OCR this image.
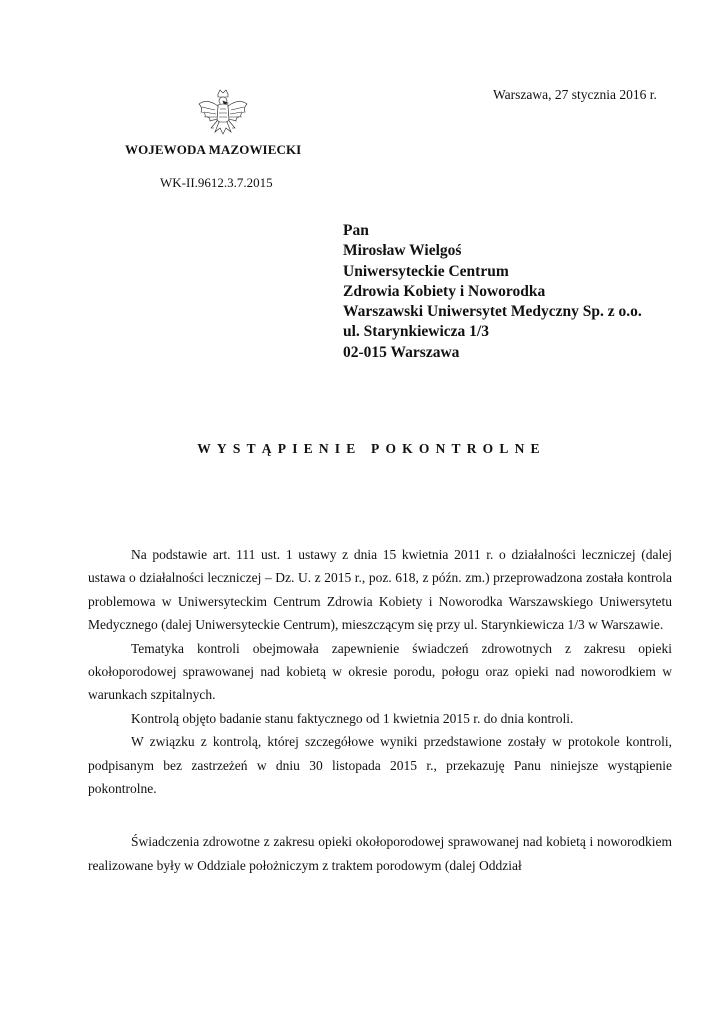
Warszawa, 27 stycznia 2016 r.
WOJEWODA MAZOWIECKI
WK-II.9612.3.7.2015
Pan
Mirosław Wielgoś
Uniwersyteckie Centrum
Zdrowia Kobiety i Noworodka
Warszawski Uniwersytet Medyczny Sp. z o.o.
ul. Starynkiewicza 1/3
02-015 Warszawa
WYSTĄPIENIE POKONTROLNE

Na podstawie art. 111 ust. 1 ustawy z dnia 15 kwietnia 2011 r. o działalności leczniczej (dalej ustawa o działalności leczniczej – Dz. U. z 2015 r., poz. 618, z późn. zm.) przeprowadzona została kontrola problemowa w Uniwersyteckim Centrum Zdrowia Kobiety i Noworodka Warszawskiego Uniwersytetu Medycznego (dalej Uniwersyteckie Centrum), mieszczącym się przy ul. Starynkiewicza 1/3 w Warszawie.

Tematyka kontroli obejmowała zapewnienie świadczeń zdrowotnych z zakresu opieki okołoporodowej sprawowanej nad kobietą w okresie porodu, połogu oraz opieki nad noworodkiem w warunkach szpitalnych.

Kontrolą objęto badanie stanu faktycznego od 1 kwietnia 2015 r. do dnia kontroli.

W związku z kontrolą, której szczegółowe wyniki przedstawione zostały w protokole kontroli, podpisanym bez zastrzeżeń w dniu 30 listopada 2015 r., przekazuję Panu niniejsze wystąpienie pokontrolne.

Świadczenia zdrowotne z zakresu opieki okołoporodowej sprawowanej nad kobietą i noworodkiem realizowane były w Oddziale położniczym z traktem porodowym (dalej Oddział
